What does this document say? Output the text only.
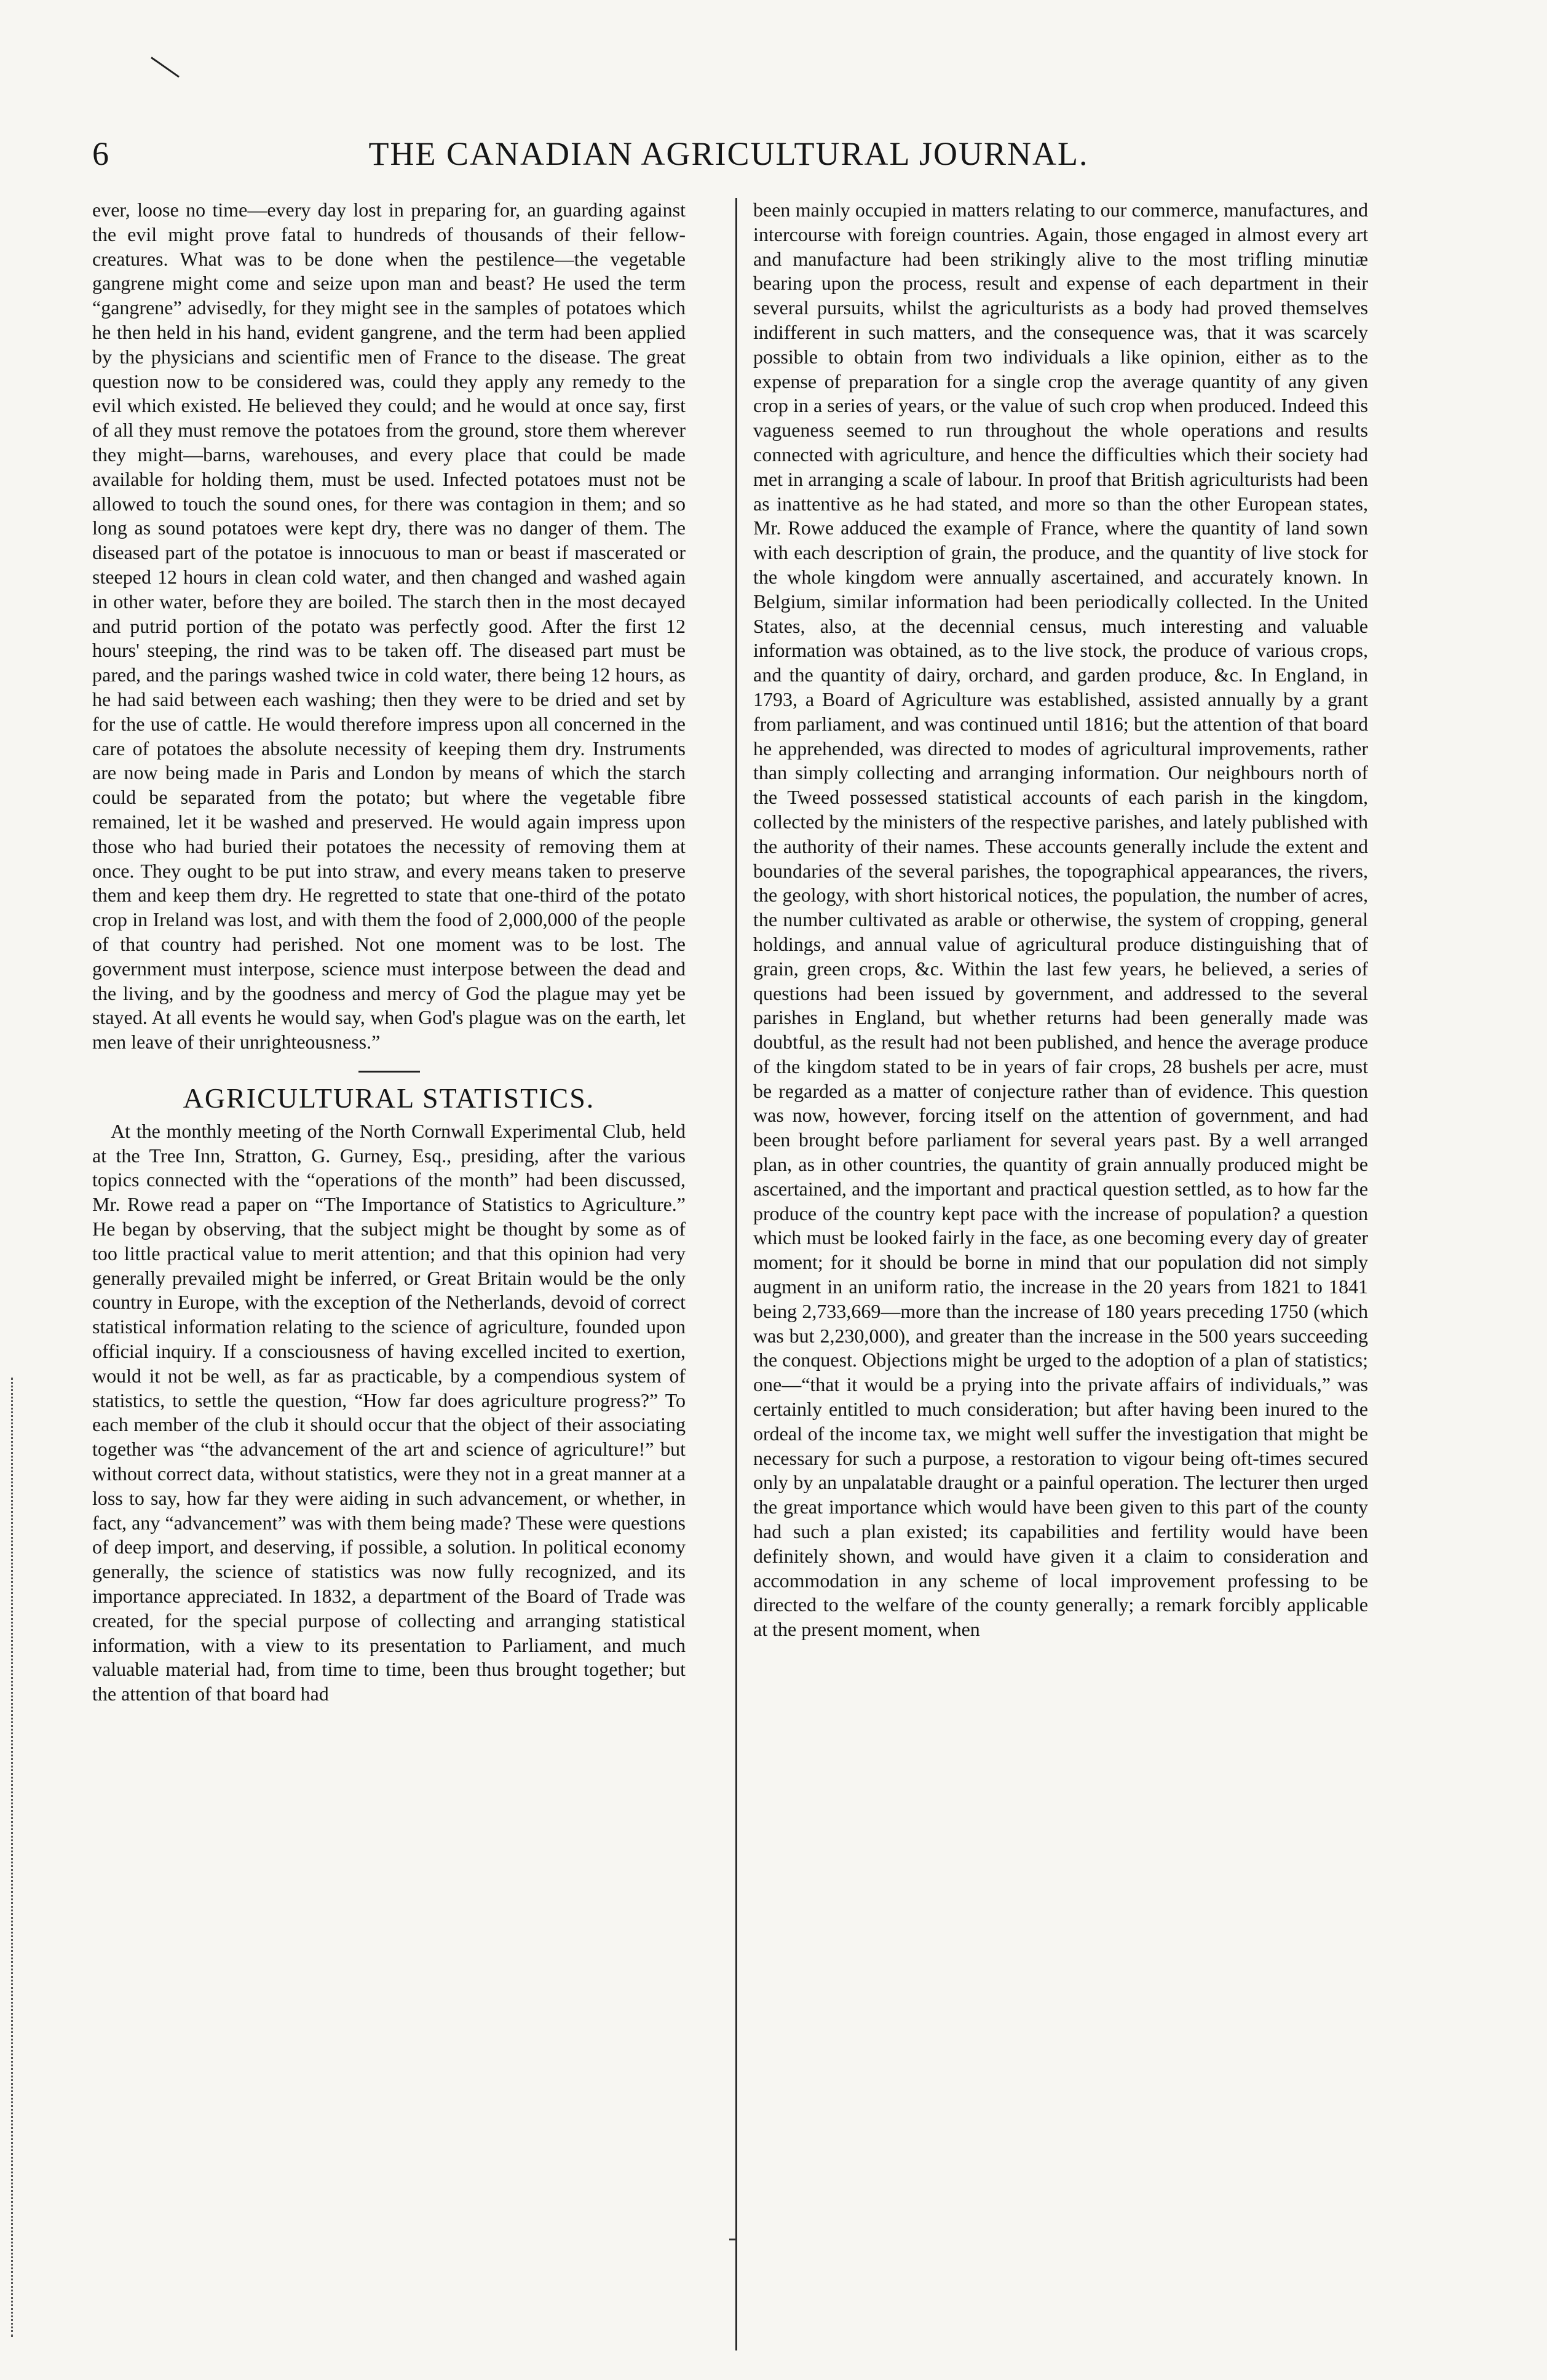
6	THE CANADIAN AGRICULTURAL JOURNAL.

ever, loose no time—every day lost in preparing for, an guarding against the evil might prove fatal to hundreds of thousands of their fellow-creatures. What was to be done when the pestilence—the vegetable gangrene might come and seize upon man and beast? He used the term “gangrene” advisedly, for they might see in the samples of potatoes which he then held in his hand, evident gangrene, and the term had been applied by the physicians and scientific men of France to the disease. The great question now to be considered was, could they apply any remedy to the evil which existed. He believed they could; and he would at once say, first of all they must remove the potatoes from the ground, store them wherever they might—barns, warehouses, and every place that could be made available for holding them, must be used. Infected potatoes must not be allowed to touch the sound ones, for there was contagion in them; and so long as sound potatoes were kept dry, there was no danger of them. The diseased part of the potatoe is innocuous to man or beast if mascerated or steeped 12 hours in clean cold water, and then changed and washed again in other water, before they are boiled. The starch then in the most decayed and putrid portion of the potato was perfectly good. After the first 12 hours' steeping, the rind was to be taken off. The diseased part must be pared, and the parings washed twice in cold water, there being 12 hours, as he had said between each washing; then they were to be dried and set by for the use of cattle. He would therefore impress upon all concerned in the care of potatoes the absolute necessity of keeping them dry. Instruments are now being made in Paris and London by means of which the starch could be separated from the potato; but where the vegetable fibre remained, let it be washed and preserved. He would again impress upon those who had buried their potatoes the necessity of removing them at once. They ought to be put into straw, and every means taken to preserve them and keep them dry. He regretted to state that one-third of the potato crop in Ireland was lost, and with them the food of 2,000,000 of the people of that country had perished. Not one moment was to be lost. The government must interpose, science must interpose between the dead and the living, and by the goodness and mercy of God the plague may yet be stayed. At all events he would say, when God's plague was on the earth, let men leave of their unrighteousness.”

AGRICULTURAL STATISTICS.

At the monthly meeting of the North Cornwall Experimental Club, held at the Tree Inn, Stratton, G. Gurney, Esq., presiding, after the various topics connected with the “operations of the month” had been discussed, Mr. Rowe read a paper on “The Importance of Statistics to Agriculture.” He began by observing, that the subject might be thought by some as of too little practical value to merit attention; and that this opinion had very generally prevailed might be inferred, or Great Britain would be the only country in Europe, with the exception of the Netherlands, devoid of correct statistical information relating to the science of agriculture, founded upon official inquiry. If a consciousness of having excelled incited to exertion, would it not be well, as far as practicable, by a compendious system of statistics, to settle the question, “How far does agriculture progress?” To each member of the club it should occur that the object of their associating together was “the advancement of the art and science of agriculture!” but without correct data, without statistics, were they not in a great manner at a loss to say, how far they were aiding in such advancement, or whether, in fact, any “advancement” was with them being made? These were questions of deep import, and deserving, if possible, a solution. In political economy generally, the science of statistics was now fully recognized, and its importance appreciated. In 1832, a department of the Board of Trade was created, for the special purpose of collecting and arranging statistical information, with a view to its presentation to Parliament, and much valuable material had, from time to time, been thus brought together; but the attention of that board had

been mainly occupied in matters relating to our commerce, manufactures, and intercourse with foreign countries. Again, those engaged in almost every art and manufacture had been strikingly alive to the most trifling minutiæ bearing upon the process, result and expense of each department in their several pursuits, whilst the agriculturists as a body had proved themselves indifferent in such matters, and the consequence was, that it was scarcely possible to obtain from two individuals a like opinion, either as to the expense of preparation for a single crop the average quantity of any given crop in a series of years, or the value of such crop when produced. Indeed this vagueness seemed to run throughout the whole operations and results connected with agriculture, and hence the difficulties which their society had met in arranging a scale of labour. In proof that British agriculturists had been as inattentive as he had stated, and more so than the other European states, Mr. Rowe adduced the example of France, where the quantity of land sown with each description of grain, the produce, and the quantity of live stock for the whole kingdom were annually ascertained, and accurately known. In Belgium, similar information had been periodically collected. In the United States, also, at the decennial census, much interesting and valuable information was obtained, as to the live stock, the produce of various crops, and the quantity of dairy, orchard, and garden produce, &c. In England, in 1793, a Board of Agriculture was established, assisted annually by a grant from parliament, and was continued until 1816; but the attention of that board he apprehended, was directed to modes of agricultural improvements, rather than simply collecting and arranging information. Our neighbours north of the Tweed possessed statistical accounts of each parish in the kingdom, collected by the ministers of the respective parishes, and lately published with the authority of their names. These accounts generally include the extent and boundaries of the several parishes, the topographical appearances, the rivers, the geology, with short historical notices, the population, the number of acres, the number cultivated as arable or otherwise, the system of cropping, general holdings, and annual value of agricultural produce distinguishing that of grain, green crops, &c. Within the last few years, he believed, a series of questions had been issued by government, and addressed to the several parishes in England, but whether returns had been generally made was doubtful, as the result had not been published, and hence the average produce of the kingdom stated to be in years of fair crops, 28 bushels per acre, must be regarded as a matter of conjecture rather than of evidence. This question was now, however, forcing itself on the attention of government, and had been brought before parliament for several years past. By a well arranged plan, as in other countries, the quantity of grain annually produced might be ascertained, and the important and practical question settled, as to how far the produce of the country kept pace with the increase of population? a question which must be looked fairly in the face, as one becoming every day of greater moment; for it should be borne in mind that our population did not simply augment in an uniform ratio, the increase in the 20 years from 1821 to 1841 being 2,733,669—more than the increase of 180 years preceding 1750 (which was but 2,230,000), and greater than the increase in the 500 years succeeding the conquest. Objections might be urged to the adoption of a plan of statistics; one—“that it would be a prying into the private affairs of individuals,” was certainly entitled to much consideration; but after having been inured to the ordeal of the income tax, we might well suffer the investigation that might be necessary for such a purpose, a restoration to vigour being oft-times secured only by an unpalatable draught or a painful operation. The lecturer then urged the great importance which would have been given to this part of the county had such a plan existed; its capabilities and fertility would have been definitely shown, and would have given it a claim to consideration and accommodation in any scheme of local improvement professing to be directed to the welfare of the county generally; a remark forcibly applicable at the present moment, when
